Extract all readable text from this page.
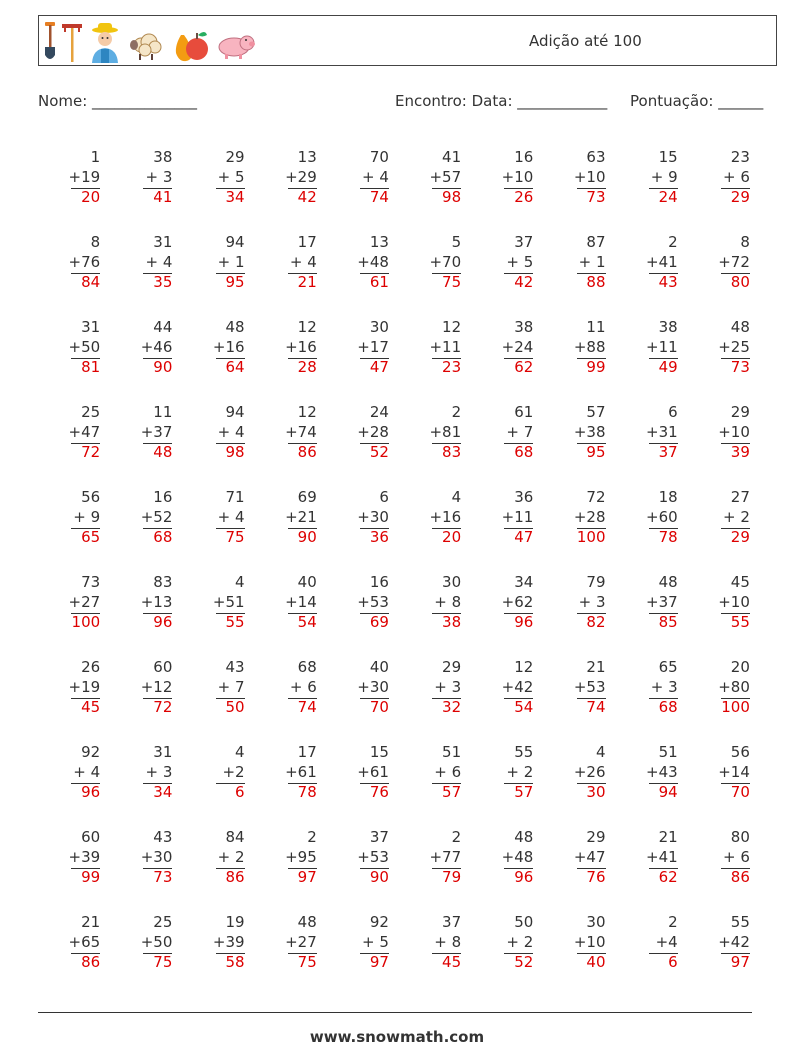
Adição até 100
Nome: ______________	Encontro: Data: ____________ Pontuação: ______
1
+19
20
38
+ 3
41
29
+ 5
34
13
+29
42
70
+ 4
74
41
+57
98
16
+10
26
63
+10
73
15
+ 9
24
23
+ 6
29
8
+76
84
31
+ 4
35
94
+ 1
95
17
+ 4
21
13
+48
61
5
+70
75
37
+ 5
42
87
+ 1
88
2
+41
43
8
+72
80
31
+50
81
44
+46
90
48
+16
64
12
+16
28
30
+17
47
12
+11
23
38
+24
62
11
+88
99
38
+11
49
48
+25
73
25
+47
72
11
+37
48
94
+ 4
98
12
+74
86
24
+28
52
2
+81
83
61
+ 7
68
57
+38
95
6
+31
37
29
+10
39
56
+ 9
65
16
+52
68
71
+ 4
75
69
+21
90
6
+30
36
4
+16
20
36
+11
47
72
+28
100
18
+60
78
27
+ 2
29
73
+27
100
83
+13
96
4
+51
55
40
+14
54
16
+53
69
30
+ 8
38
34
+62
96
79
+ 3
82
48
+37
85
45
+10
55
26
+19
45
60
+12
72
43
+ 7
50
68
+ 6
74
40
+30
70
29
+ 3
32
12
+42
54
21
+53
74
65
+ 3
68
20
+80
100
92
+ 4
96
31
+ 3
34
4
+2
6
17
+61
78
15
+61
76
51
+ 6
57
55
+ 2
57
4
+26
30
51
+43
94
56
+14
70
60
+39
99
43
+30
73
84
+ 2
86
2
+95
97
37
+53
90
2
+77
79
48
+48
96
29
+47
76
21
+41
62
80
+ 6
86
21
+65
86
25
+50
75
19
+39
58
48
+27
75
92
+ 5
97
37
+ 8
45
50
+ 2
52
30
+10
40
2
+4
6
55
+42
97
www.snowmath.com
